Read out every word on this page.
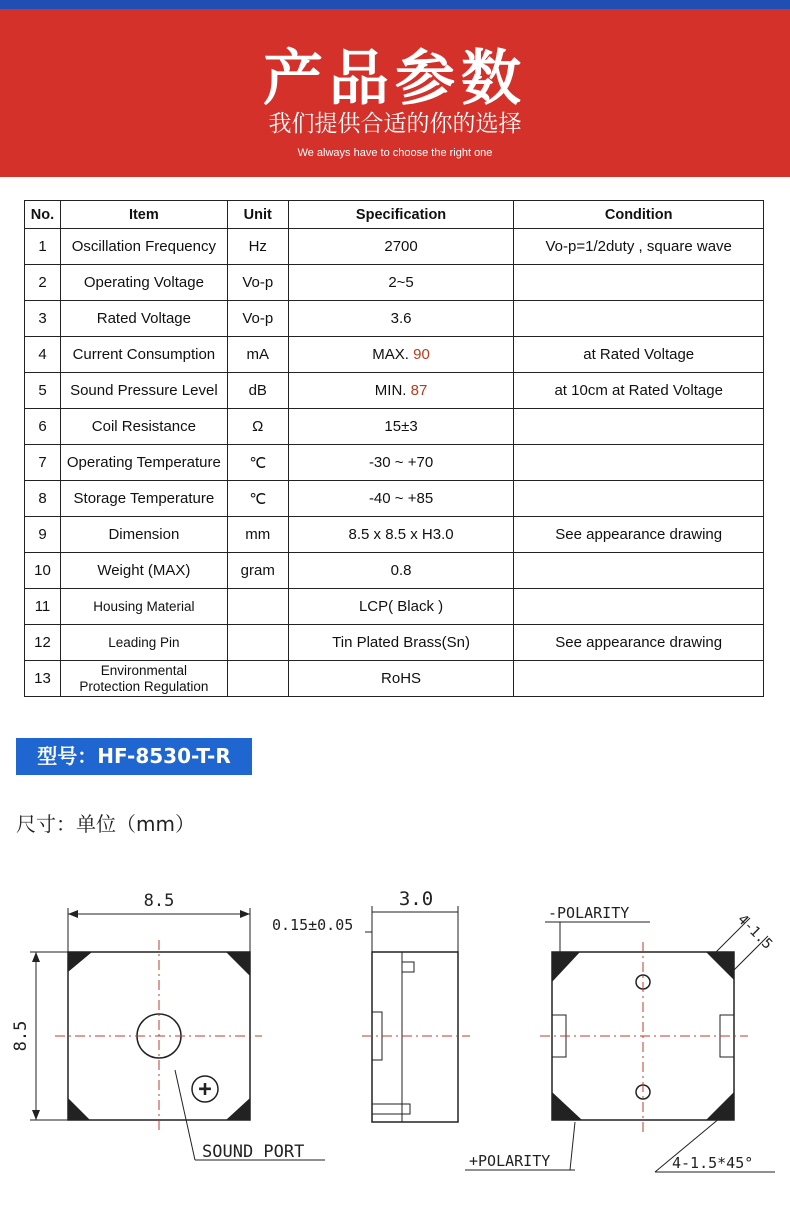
产品参数
我们提供合适的你的选择
We always have to choose the right one
No.	Item	Unit	Specification	Condition
1	Oscillation Frequency	Hz	2700	Vo-p=1/2duty , square wave
2	Operating Voltage	Vo-p	2~5	
3	Rated Voltage	Vo-p	3.6	
4	Current Consumption	mA	MAX. 90	at Rated Voltage
5	Sound Pressure Level	dB	MIN. 87	at 10cm at Rated Voltage
6	Coil Resistance	Ω	15±3	
7	Operating Temperature	℃	-30 ~ +70	
8	Storage Temperature	℃	-40 ~ +85	
9	Dimension	mm	8.5 x 8.5 x H3.0	See appearance drawing
10	Weight (MAX)	gram	0.8	
11	Housing Material		LCP( Black )	
12	Leading Pin		Tin Plated Brass(Sn)	See appearance drawing
13	Environmental
Protection Regulation		RoHS	
型号：HF-8530-T-R
尺寸：单位（mm）
8.5
8.5
+
SOUND PORT
3.0
0.15±0.05
-POLARITY
+POLARITY	4-1.5*45°
4-1.5
